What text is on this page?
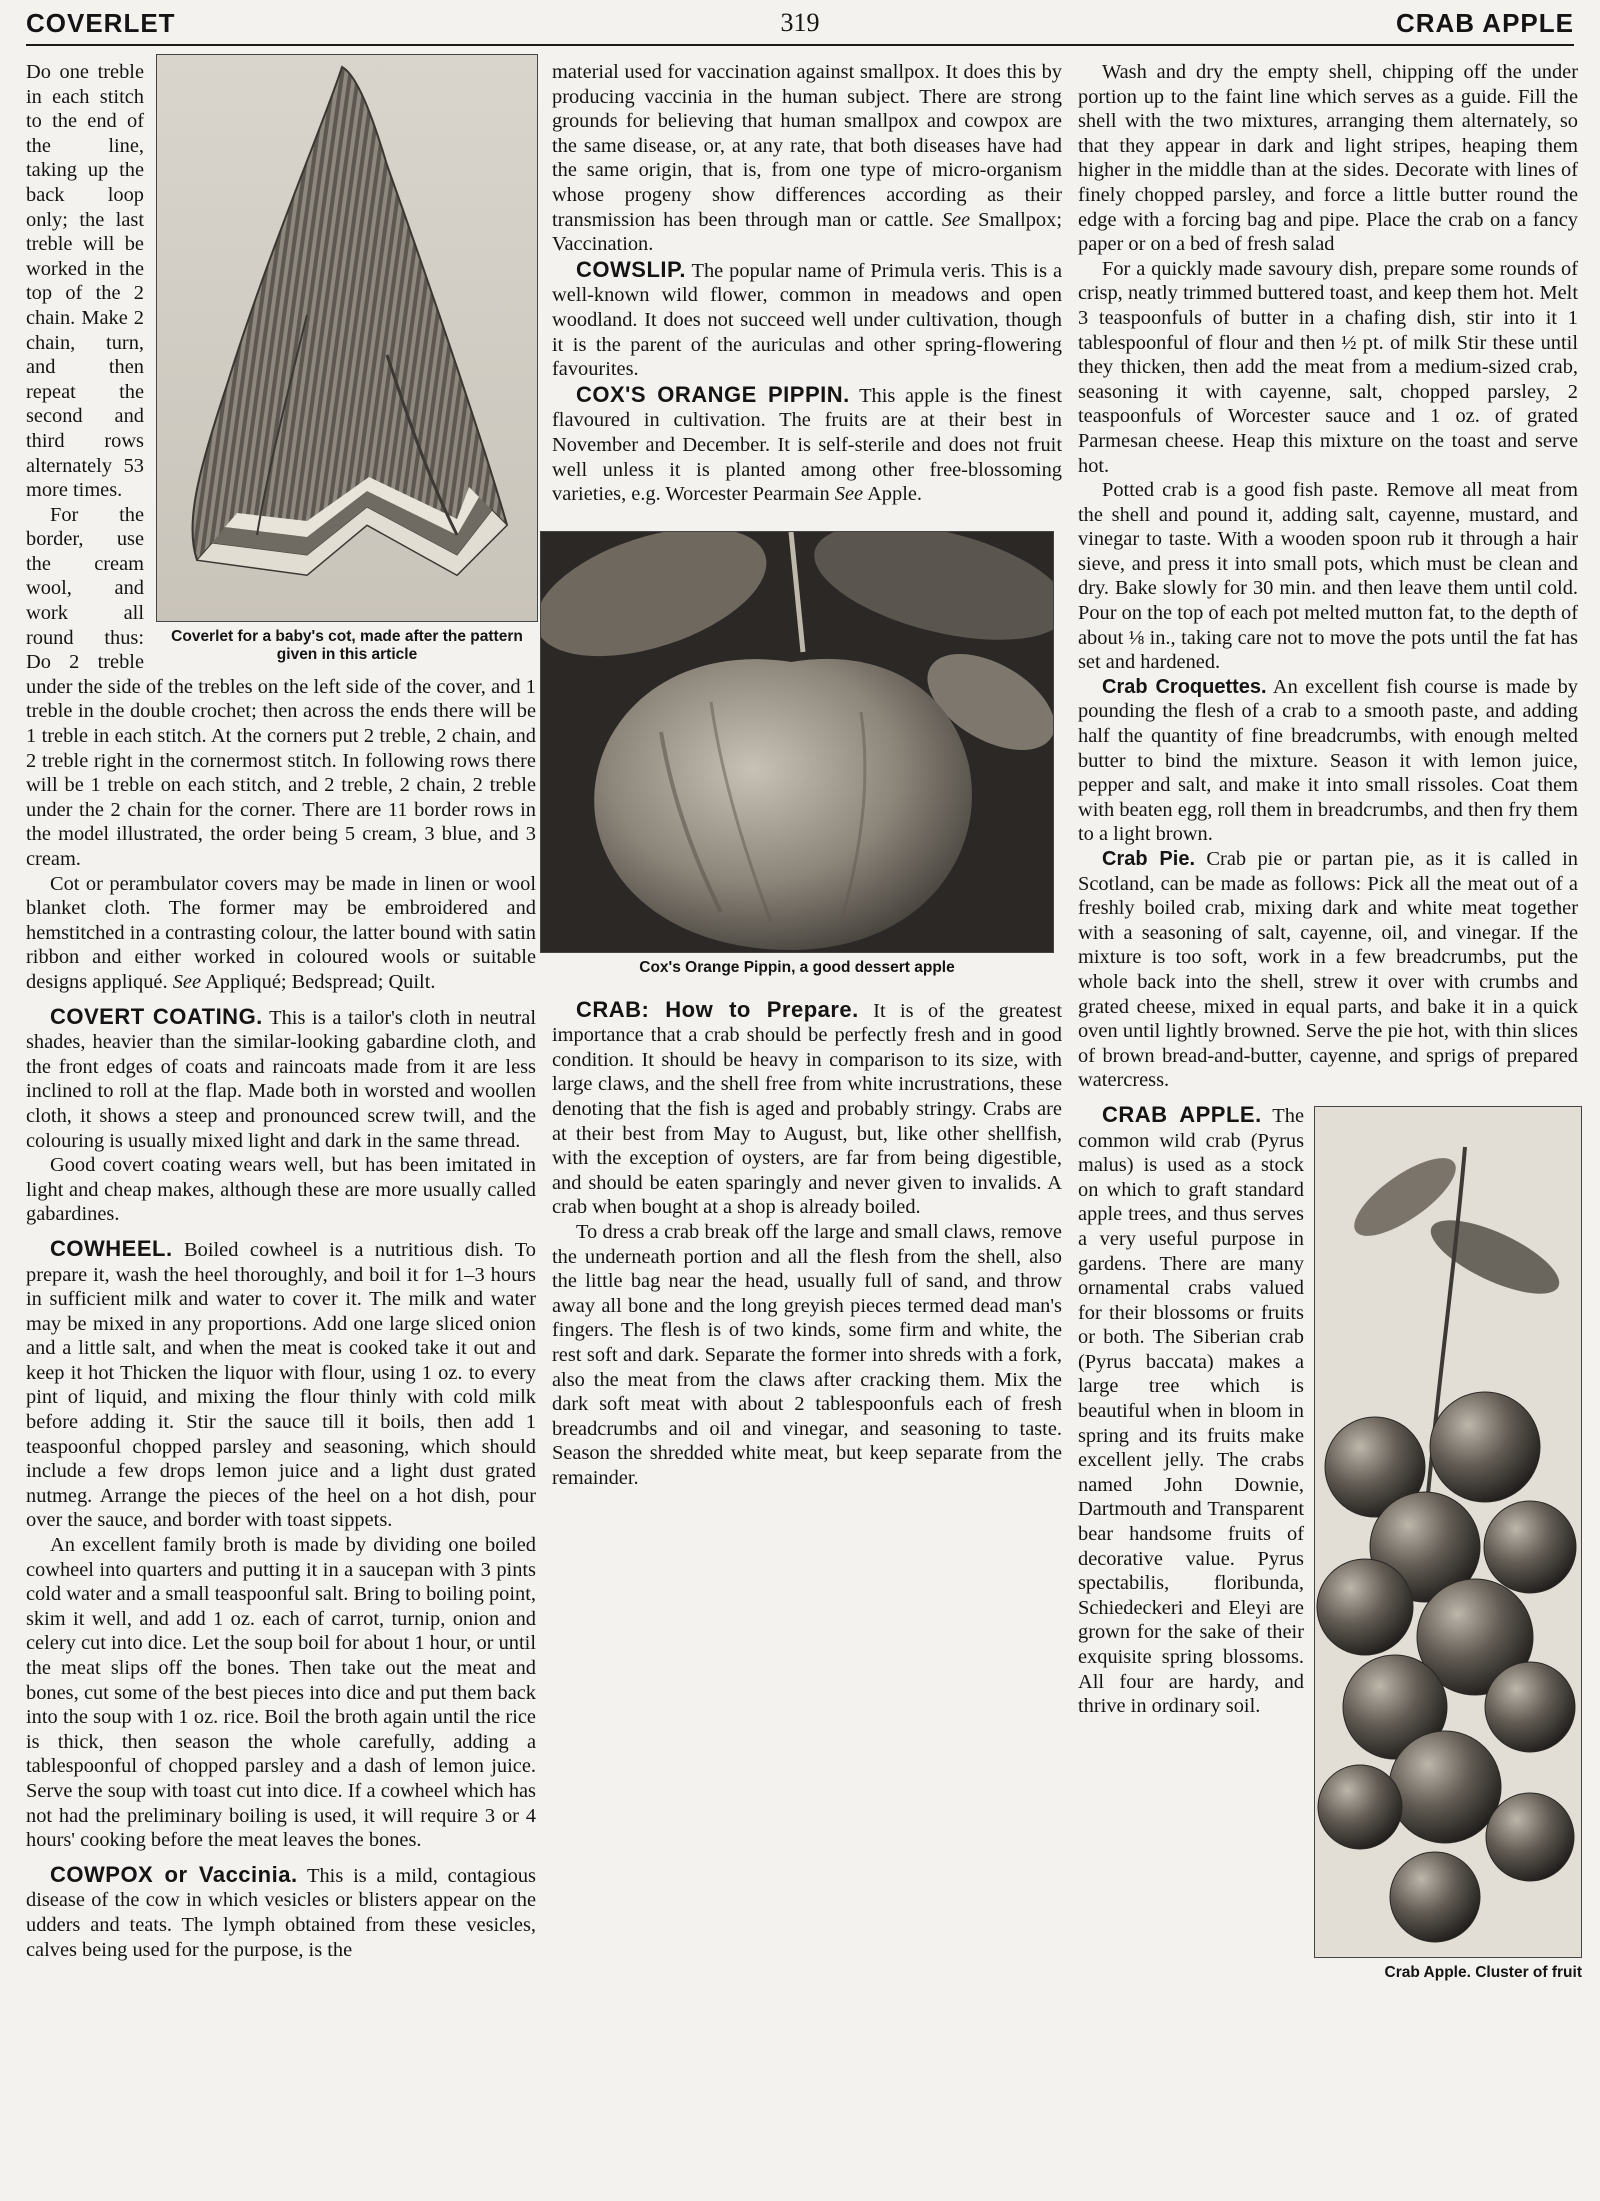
COVERLET	319	CRAB APPLE
Coverlet for a baby's cot, made after the pattern given in this article

Do one treble in each stitch to the end of the line, taking up the back loop only; the last treble will be worked in the top of the 2 chain. Make 2 chain, turn, and then repeat the second and third rows alternately 53 more times.

For the border, use the cream wool, and work all round thus: Do 2 treble under the side of the trebles on the left side of the cover, and 1 treble in the double crochet; then across the ends there will be 1 treble in each stitch. At the corners put 2 treble, 2 chain, and 2 treble right in the cornermost stitch. In following rows there will be 1 treble on each stitch, and 2 treble, 2 chain, 2 treble under the 2 chain for the corner. There are 11 border rows in the model illustrated, the order being 5 cream, 3 blue, and 3 cream.

Cot or perambulator covers may be made in linen or wool blanket cloth. The former may be embroidered and hemstitched in a contrasting colour, the latter bound with satin ribbon and either worked in coloured wools or suitable designs appliqué. See Appliqué; Bedspread; Quilt.

COVERT COATING. This is a tailor's cloth in neutral shades, heavier than the similar-looking gabardine cloth, and the front edges of coats and raincoats made from it are less inclined to roll at the flap. Made both in worsted and woollen cloth, it shows a steep and pronounced screw twill, and the colouring is usually mixed light and dark in the same thread.

Good covert coating wears well, but has been imitated in light and cheap makes, although these are more usually called gabardines.

COWHEEL. Boiled cowheel is a nutritious dish. To prepare it, wash the heel thoroughly, and boil it for 1–3 hours in sufficient milk and water to cover it. The milk and water may be mixed in any proportions. Add one large sliced onion and a little salt, and when the meat is cooked take it out and keep it hot Thicken the liquor with flour, using 1 oz. to every pint of liquid, and mixing the flour thinly with cold milk before adding it. Stir the sauce till it boils, then add 1 teaspoonful chopped parsley and seasoning, which should include a few drops lemon juice and a light dust grated nutmeg. Arrange the pieces of the heel on a hot dish, pour over the sauce, and border with toast sippets.

An excellent family broth is made by dividing one boiled cowheel into quarters and putting it in a saucepan with 3 pints cold water and a small teaspoonful salt. Bring to boiling point, skim it well, and add 1 oz. each of carrot, turnip, onion and celery cut into dice. Let the soup boil for about 1 hour, or until the meat slips off the bones. Then take out the meat and bones, cut some of the best pieces into dice and put them back into the soup with 1 oz. rice. Boil the broth again until the rice is thick, then season the whole carefully, adding a tablespoonful of chopped parsley and a dash of lemon juice. Serve the soup with toast cut into dice. If a cowheel which has not had the preliminary boiling is used, it will require 3 or 4 hours' cooking before the meat leaves the bones.

COWPOX or Vaccinia. This is a mild, contagious disease of the cow in which vesicles or blisters appear on the udders and teats. The lymph obtained from these vesicles, calves being used for the purpose, is the

material used for vaccination against smallpox. It does this by producing vaccinia in the human subject. There are strong grounds for believing that human smallpox and cowpox are the same disease, or, at any rate, that both diseases have had the same origin, that is, from one type of micro-organism whose progeny show differences according as their transmission has been through man or cattle. See Smallpox; Vaccination.

COWSLIP. The popular name of Primula veris. This is a well-known wild flower, common in meadows and open woodland. It does not succeed well under cultivation, though it is the parent of the auriculas and other spring-flowering favourites.

COX'S ORANGE PIPPIN. This apple is the finest flavoured in cultivation. The fruits are at their best in November and December. It is self-sterile and does not fruit well unless it is planted among other free-blossoming varieties, e.g. Worcester Pearmain See Apple.

Cox's Orange Pippin, a good dessert apple

CRAB: How to Prepare. It is of the greatest importance that a crab should be perfectly fresh and in good condition. It should be heavy in comparison to its size, with large claws, and the shell free from white incrustrations, these denoting that the fish is aged and probably stringy. Crabs are at their best from May to August, but, like other shellfish, with the exception of oysters, are far from being digestible, and should be eaten sparingly and never given to invalids. A crab when bought at a shop is already boiled.

To dress a crab break off the large and small claws, remove the underneath portion and all the flesh from the shell, also the little bag near the head, usually full of sand, and throw away all bone and the long greyish pieces termed dead man's fingers. The flesh is of two kinds, some firm and white, the rest soft and dark. Separate the former into shreds with a fork, also the meat from the claws after cracking them. Mix the dark soft meat with about 2 tablespoonfuls each of fresh breadcrumbs and oil and vinegar, and seasoning to taste. Season the shredded white meat, but keep separate from the remainder.

Wash and dry the empty shell, chipping off the under portion up to the faint line which serves as a guide. Fill the shell with the two mixtures, arranging them alternately, so that they appear in dark and light stripes, heaping them higher in the middle than at the sides. Decorate with lines of finely chopped parsley, and force a little butter round the edge with a forcing bag and pipe. Place the crab on a fancy paper or on a bed of fresh salad

For a quickly made savoury dish, prepare some rounds of crisp, neatly trimmed buttered toast, and keep them hot. Melt 3 teaspoonfuls of butter in a chafing dish, stir into it 1 tablespoonful of flour and then ½ pt. of milk Stir these until they thicken, then add the meat from a medium-sized crab, seasoning it with cayenne, salt, chopped parsley, 2 teaspoonfuls of Worcester sauce and 1 oz. of grated Parmesan cheese. Heap this mixture on the toast and serve hot.

Potted crab is a good fish paste. Remove all meat from the shell and pound it, adding salt, cayenne, mustard, and vinegar to taste. With a wooden spoon rub it through a hair sieve, and press it into small pots, which must be clean and dry. Bake slowly for 30 min. and then leave them until cold. Pour on the top of each pot melted mutton fat, to the depth of about ⅛ in., taking care not to move the pots until the fat has set and hardened.

Crab Croquettes. An excellent fish course is made by pounding the flesh of a crab to a smooth paste, and adding half the quantity of fine breadcrumbs, with enough melted butter to bind the mixture. Season it with lemon juice, pepper and salt, and make it into small rissoles. Coat them with beaten egg, roll them in breadcrumbs, and then fry them to a light brown.

Crab Pie. Crab pie or partan pie, as it is called in Scotland, can be made as follows: Pick all the meat out of a freshly boiled crab, mixing dark and white meat together with a seasoning of salt, cayenne, oil, and vinegar. If the mixture is too soft, work in a few breadcrumbs, put the whole back into the shell, strew it over with crumbs and grated cheese, mixed in equal parts, and bake it in a quick oven until lightly browned. Serve the pie hot, with thin slices of brown bread-and-butter, cayenne, and sprigs of prepared watercress.

Crab Apple. Cluster of fruit

CRAB APPLE. The common wild crab (Pyrus malus) is used as a stock on which to graft standard apple trees, and thus serves a very useful purpose in gardens. There are many ornamental crabs valued for their blossoms or fruits or both. The Siberian crab (Pyrus baccata) makes a large tree which is beautiful when in bloom in spring and its fruits make excellent jelly. The crabs named John Downie, Dartmouth and Transparent bear handsome fruits of decorative value. Pyrus spectabilis, floribunda, Schiedeckeri and Eleyi are grown for the sake of their exquisite spring blossoms. All four are hardy, and thrive in ordinary soil.
